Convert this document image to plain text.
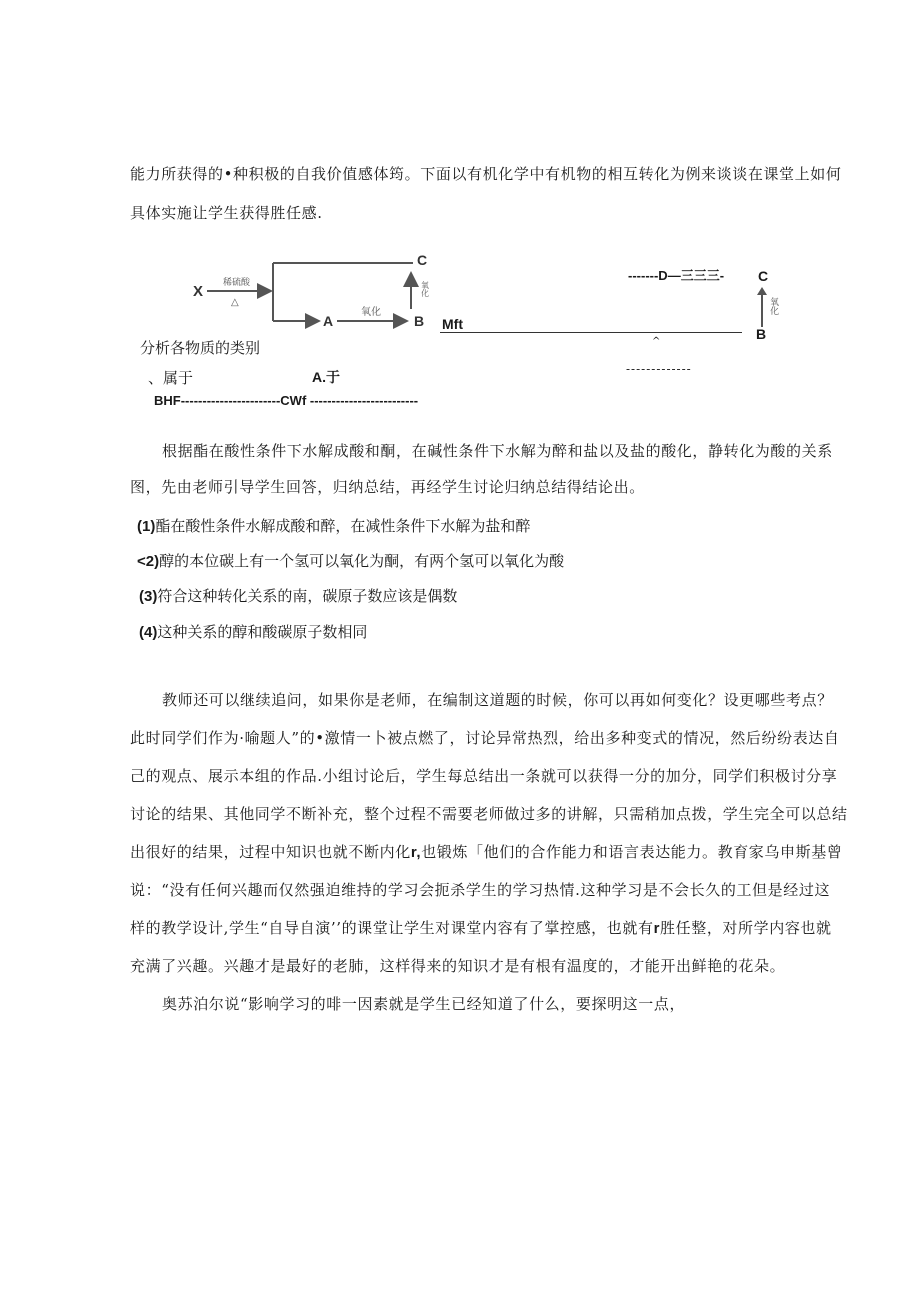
能力所获得的•种积极的自我价值感体筠。下面以有机化学中有机物的相互转化为例来谈谈在课堂上如何
具体实施让学生获得胜任感.
X
稀硫酸
△
A
氧化
B
C
氧化
-------D—三三三- C
氧化
B
Mft
^
-------------
分析各物质的类别
、属于	A.于
BHF-----------------------CWf -------------------------
根据酯在酸性条件下水解成酸和酮，在碱性条件下水解为醉和盐以及盐的酸化，静转化为酸的关系
图，先由老师引导学生回答，归纳总结，再经学生讨论归纳总结得结论出。
(1)酯在酸性条件水解成酸和醉，在减性条件下水解为盐和醉
<2)醇的本位碳上有一个氢可以氧化为酮，有两个氢可以氧化为酸
(3)符合这种转化关系的南，碳原子数应该是偶数
(4)这种关系的醇和酸碳原子数相同
教师还可以继续追问，如果你是老师，在编制这道题的时候，你可以再如何变化？设更哪些考点？
此时同学们作为·喻题人”的•激情一卜被点燃了，讨论异常热烈，给出多种变式的情况，然后纷纷表达自
己的观点、展示本组的作品.小组讨论后，学生每总结出一条就可以获得一分的加分，同学们积极讨分享
讨论的结果、其他同学不断补充，整个过程不需要老师做过多的讲解，只需稍加点拨，学生完全可以总结
出很好的结果，过程中知识也就不断内化r,也锻炼「他们的合作能力和语言表达能力。教育家乌申斯基曾
说：“没有任何兴趣而仅然强迫维持的学习会扼杀学生的学习热情.这种学习是不会长久的工但是经过这
样的教学设计,学生“自导自演’’的课堂让学生对课堂内容有了掌控感，也就有r胜任整，对所学内容也就
充满了兴趣。兴趣才是最好的老肺，这样得来的知识才是有根有温度的，才能开出鲜艳的花朵。
奥苏泊尔说“影响学习的啡一因素就是学生已经知道了什么，要探明这一点，
